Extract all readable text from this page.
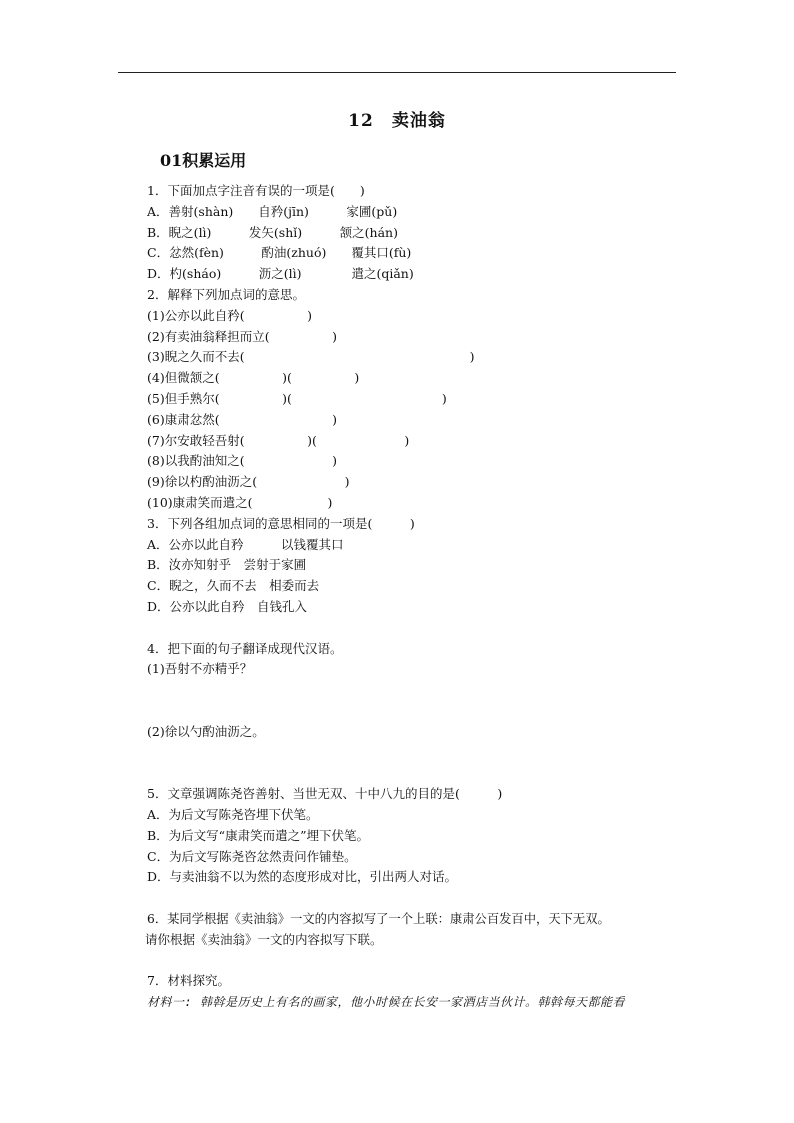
12 卖油翁
01积累运用
1．下面加点字注音有误的一项是(　　)
A．善射(shàn)　　自矜(jīn)　　　家圃(pǔ)
B．睨之(lì)　　　发矢(shǐ)　　　颔之(hán)
C．忿然(fèn)　　　酌油(zhuó)　　覆其口(fù)
D．杓(sháo)　　　沥之(lì)　　　　遣之(qiǎn)
2．解释下列加点词的意思。
(1)公亦以此自矜(　　　　　)
(2)有卖油翁释担而立(　　　　　)
(3)睨之久而不去(　　　　　　　　　　　　　　　　　　)
(4)但微颔之(　　　　　)(　　　　　)
(5)但手熟尔(　　　　　)(　　　　　　　　　　　　)
(6)康肃忿然(　　　　　　　　　)
(7)尔安敢轻吾射(　　　　　)(　　　　　　　)
(8)以我酌油知之(　　　　　　　)
(9)徐以杓酌油沥之(　　　　　　　)
(10)康肃笑而遣之(　　　　　　)
3．下列各组加点词的意思相同的一项是(　　　)
A．公亦以此自矜　　　以钱覆其口
B．汝亦知射乎　尝射于家圃
C．睨之，久而不去　相委而去
D．公亦以此自矜　自钱孔入
4．把下面的句子翻译成现代汉语。
(1)吾射不亦精乎？
(2)徐以勺酌油沥之。
5．文章强调陈尧咨善射、当世无双、十中八九的目的是(　　　)
A．为后文写陈尧咨埋下伏笔。
B．为后文写“康肃笑而遣之”埋下伏笔。
C．为后文写陈尧咨忿然责问作铺垫。
D．与卖油翁不以为然的态度形成对比，引出两人对话。
6．某同学根据《卖油翁》一文的内容拟写了一个上联：康肃公百发百中，天下无双。
请你根据《卖油翁》一文的内容拟写下联。
7．材料探究。
材料一: 韩斡是历史上有名的画家，他小时候在长安一家酒店当伙计。韩斡每天都能看
